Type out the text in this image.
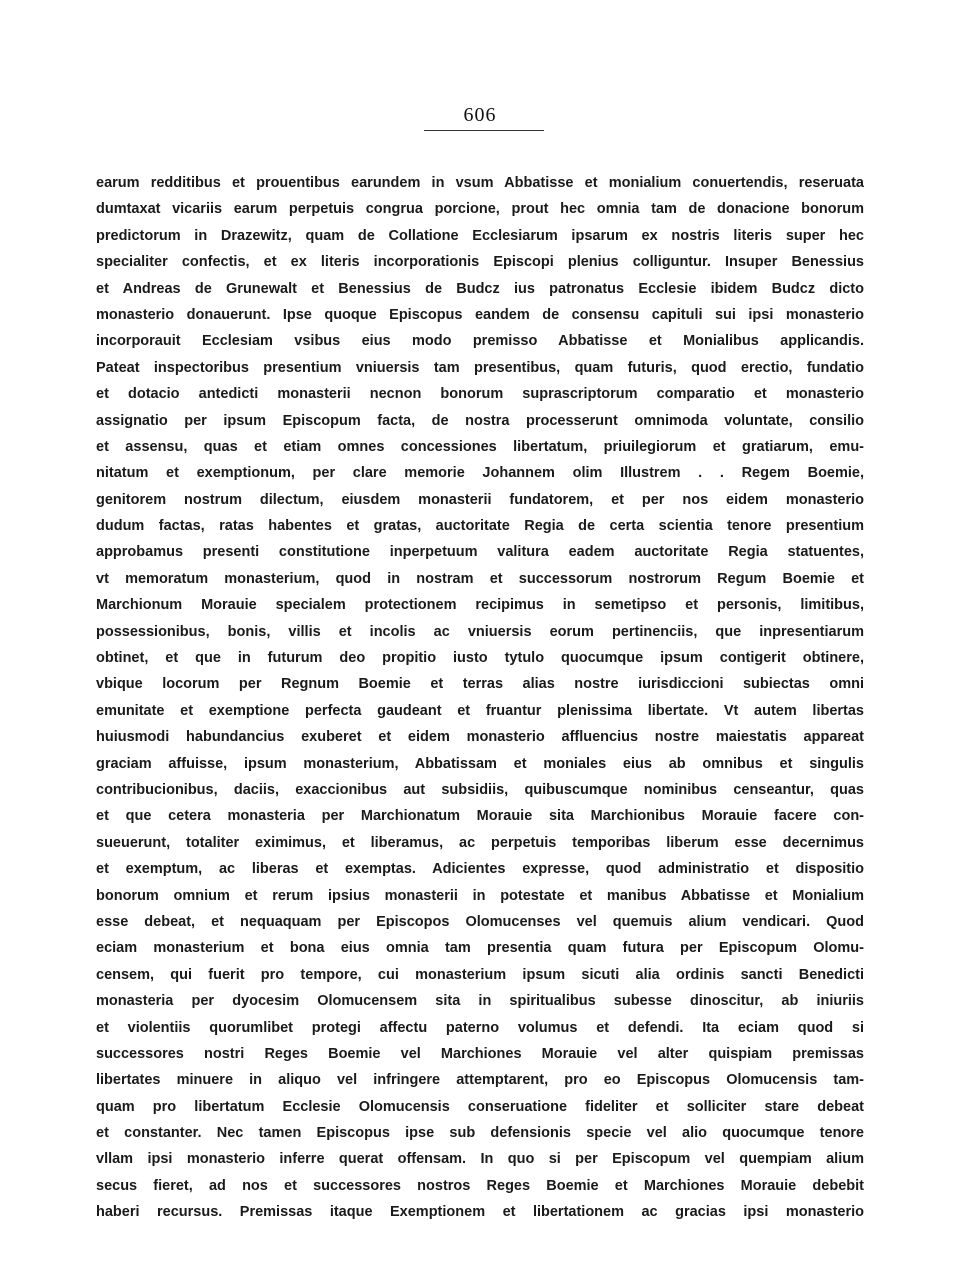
606
earum redditibus et prouentibus earundem in vsum Abbatisse et monialium conuertendis, reseruata
dumtaxat vicariis earum perpetuis congrua porcione, prout hec omnia tam de donacione bonorum
predictorum in Drazewitz, quam de Collatione Ecclesiarum ipsarum ex nostris literis super hec
specialiter confectis, et ex literis incorporationis Episcopi plenius colliguntur. Insuper Benessius
et Andreas de Grunewalt et Benessius de Budcz ius patronatus Ecclesie ibidem Budcz dicto
monasterio donauerunt. Ipse quoque Episcopus eandem de consensu capituli sui ipsi monasterio
incorporauit Ecclesiam vsibus eius modo premisso Abbatisse et Monialibus applicandis.
Pateat inspectoribus presentium vniuersis tam presentibus, quam futuris, quod erectio, fundatio
et dotacio antedicti monasterii necnon bonorum suprascriptorum comparatio et monasterio
assignatio per ipsum Episcopum facta, de nostra processerunt omnimoda voluntate, consilio
et assensu, quas et etiam omnes concessiones libertatum, priuilegiorum et gratiarum, emu-
nitatum et exemptionum, per clare memorie Johannem olim Illustrem . . Regem Boemie,
genitorem nostrum dilectum, eiusdem monasterii fundatorem, et per nos eidem monasterio
dudum factas, ratas habentes et gratas, auctoritate Regia de certa scientia tenore presentium
approbamus presenti constitutione inperpetuum valitura eadem auctoritate Regia statuentes,
vt memoratum monasterium, quod in nostram et successorum nostrorum Regum Boemie et
Marchionum Morauie specialem protectionem recipimus in semetipso et personis, limitibus,
possessionibus, bonis, villis et incolis ac vniuersis eorum pertinenciis, que inpresentiarum
obtinet, et que in futurum deo propitio iusto tytulo quocumque ipsum contigerit obtinere,
vbique locorum per Regnum Boemie et terras alias nostre iurisdiccioni subiectas omni
emunitate et exemptione perfecta gaudeant et fruantur plenissima libertate. Vt autem libertas
huiusmodi habundancius exuberet et eidem monasterio affluencius nostre maiestatis appareat
graciam affuisse, ipsum monasterium, Abbatissam et moniales eius ab omnibus et singulis
contribucionibus, daciis, exaccionibus aut subsidiis, quibuscumque nominibus censeantur, quas
et que cetera monasteria per Marchionatum Morauie sita Marchionibus Morauie facere con-
sueuerunt, totaliter eximimus, et liberamus, ac perpetuis temporibas liberum esse decernimus
et exemptum, ac liberas et exemptas. Adicientes expresse, quod administratio et dispositio
bonorum omnium et rerum ipsius monasterii in potestate et manibus Abbatisse et Monialium
esse debeat, et nequaquam per Episcopos Olomucenses vel quemuis alium vendicari. Quod
eciam monasterium et bona eius omnia tam presentia quam futura per Episcopum Olomu-
censem, qui fuerit pro tempore, cui monasterium ipsum sicuti alia ordinis sancti Benedicti
monasteria per dyocesim Olomucensem sita in spiritualibus subesse dinoscitur, ab iniuriis
et violentiis quorumlibet protegi affectu paterno volumus et defendi. Ita eciam quod si
successores nostri Reges Boemie vel Marchiones Morauie vel alter quispiam premissas
libertates minuere in aliquo vel infringere attemptarent, pro eo Episcopus Olomucensis tam-
quam pro libertatum Ecclesie Olomucensis conseruatione fideliter et solliciter stare debeat
et constanter. Nec tamen Episcopus ipse sub defensionis specie vel alio quocumque tenore
vllam ipsi monasterio inferre querat offensam. In quo si per Episcopum vel quempiam alium
secus fieret, ad nos et successores nostros Reges Boemie et Marchiones Morauie debebit
haberi recursus. Premissas itaque Exemptionem et libertationem ac gracias ipsi monasterio
